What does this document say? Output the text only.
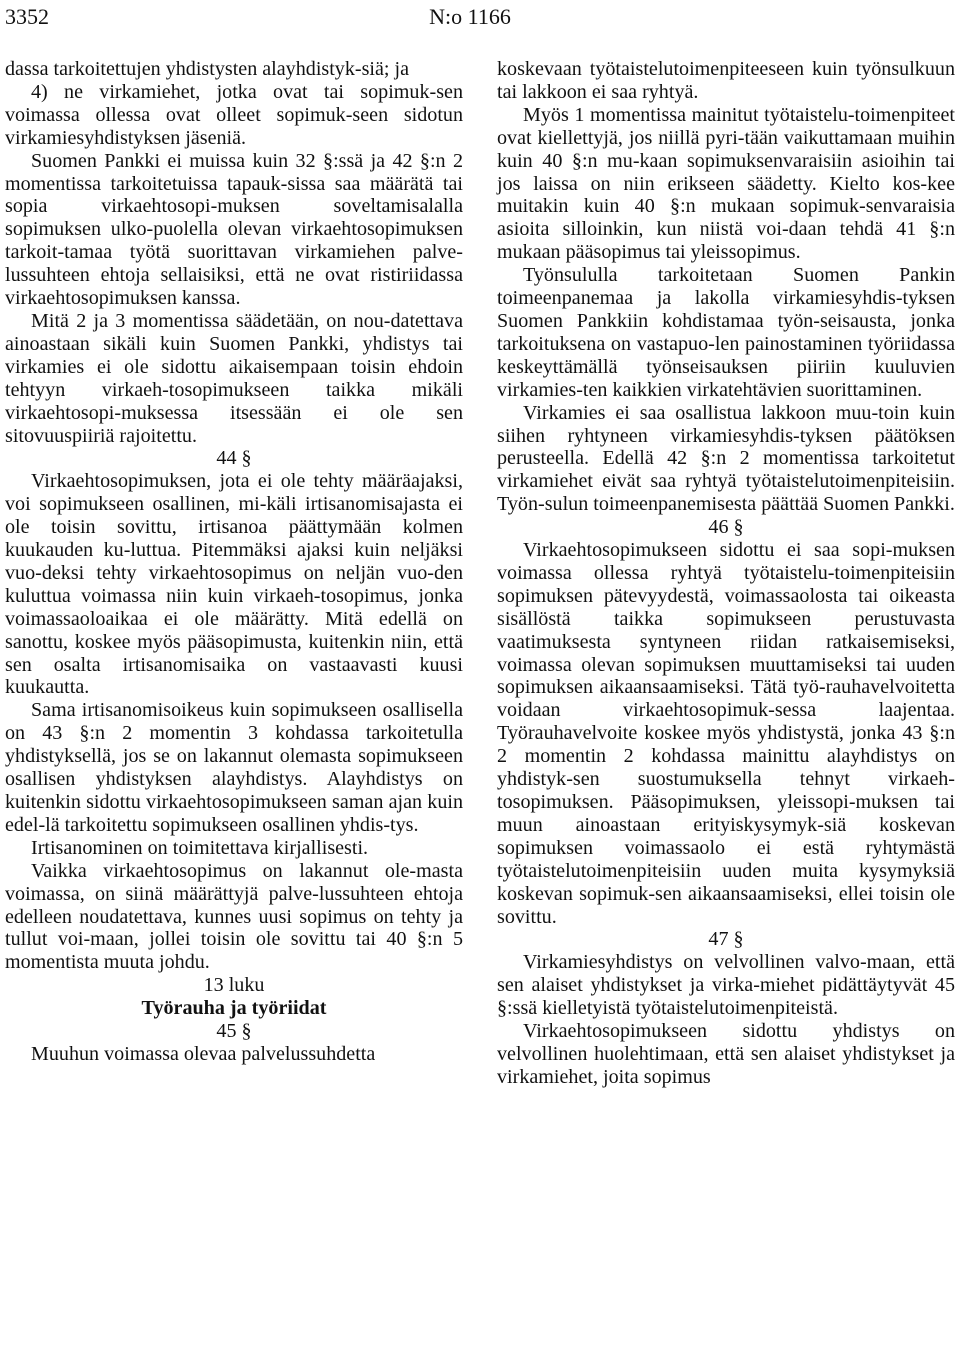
3352	N:o 1166

dassa tarkoitettujen yhdistysten alayhdistyk-siä; ja

4) ne virkamiehet, jotka ovat tai sopimuk-sen voimassa ollessa ovat olleet sopimuk-seen sidotun virkamiesyhdistyksen jäseniä.

Suomen Pankki ei muissa kuin 32 §:ssä ja 42 §:n 2 momentissa tarkoitetuissa tapauk-sissa saa määrätä tai sopia virkaehtosopi-muksen soveltamisalalla sopimuksen ulko-puolella olevan virkaehtosopimuksen tarkoit-tamaa työtä suorittavan virkamiehen palve-lussuhteen ehtoja sellaisiksi, että ne ovat ristiriidassa virkaehtosopimuksen kanssa.

Mitä 2 ja 3 momentissa säädetään, on nou-datettava ainoastaan sikäli kuin Suomen Pankki, yhdistys tai virkamies ei ole sidottu aikaisempaan toisin ehdoin tehtyyn virkaeh-tosopimukseen taikka mikäli virkaehtosopi-muksessa itsessään ei ole sen sitovuuspiiriä rajoitettu.

44 §

Virkaehtosopimuksen, jota ei ole tehty määräajaksi, voi sopimukseen osallinen, mi-käli irtisanomisajasta ei ole toisin sovittu, irtisanoa päättymään kolmen kuukauden ku-luttua. Pitemmäksi ajaksi kuin neljäksi vuo-deksi tehty virkaehtosopimus on neljän vuo-den kuluttua voimassa niin kuin virkaeh-tosopimus, jonka voimassaoloaikaa ei ole määrätty. Mitä edellä on sanottu, koskee myös pääsopimusta, kuitenkin niin, että sen osalta irtisanomisaika on vastaavasti kuusi kuukautta.

Sama irtisanomisoikeus kuin sopimukseen osallisella on 43 §:n 2 momentin 3 kohdassa tarkoitetulla yhdistyksellä, jos se on lakannut olemasta sopimukseen osallisen yhdistyksen alayhdistys. Alayhdistys on kuitenkin sidottu virkaehtosopimukseen saman ajan kuin edel-lä tarkoitettu sopimukseen osallinen yhdis-tys.

Irtisanominen on toimitettava kirjallisesti.

Vaikka virkaehtosopimus on lakannut ole-masta voimassa, on siinä määrättyjä palve-lussuhteen ehtoja edelleen noudatettava, kunnes uusi sopimus on tehty ja tullut voi-maan, jollei toisin ole sovittu tai 40 §:n 5 momentista muuta johdu.

13 luku

Työrauha ja työriidat

45 §

Muuhun voimassa olevaa palvelussuhdetta

koskevaan työtaistelutoimenpiteeseen kuin työnsulkuun tai lakkoon ei saa ryhtyä.

Myös 1 momentissa mainitut työtaistelu-toimenpiteet ovat kiellettyjä, jos niillä pyri-tään vaikuttamaan muihin kuin 40 §:n mu-kaan sopimuksenvaraisiin asioihin tai jos laissa on niin erikseen säädetty. Kielto kos-kee muitakin kuin 40 §:n mukaan sopimuk-senvaraisia asioita silloinkin, kun niistä voi-daan tehdä 41 §:n mukaan pääsopimus tai yleissopimus.

Työnsululla tarkoitetaan Suomen Pankin toimeenpanemaa ja lakolla virkamiesyhdis-tyksen Suomen Pankkiin kohdistamaa työn-seisausta, jonka tarkoituksena on vastapuo-len painostaminen työriidassa keskeyttämällä työnseisauksen piiriin kuuluvien virkamies-ten kaikkien virkatehtävien suorittaminen.

Virkamies ei saa osallistua lakkoon muu-toin kuin siihen ryhtyneen virkamiesyhdis-tyksen päätöksen perusteella. Edellä 42 §:n 2 momentissa tarkoitetut virkamiehet eivät saa ryhtyä työtaistelutoimenpiteisiin. Työn-sulun toimeenpanemisesta päättää Suomen Pankki.

46 §

Virkaehtosopimukseen sidottu ei saa sopi-muksen voimassa ollessa ryhtyä työtaistelu-toimenpiteisiin sopimuksen pätevyydestä, voimassaolosta tai oikeasta sisällöstä taikka sopimukseen perustuvasta vaatimuksesta syntyneen riidan ratkaisemiseksi, voimassa olevan sopimuksen muuttamiseksi tai uuden sopimuksen aikaansaamiseksi. Tätä työ-rauhavelvoitetta voidaan virkaehtosopimuk-sessa laajentaa. Työrauhavelvoite koskee myös yhdistystä, jonka 43 §:n 2 momentin 2 kohdassa mainittu alayhdistys on yhdistyk-sen suostumuksella tehnyt virkaeh-tosopimuksen. Pääsopimuksen, yleissopi-muksen tai muun ainoastaan erityiskysymyk-siä koskevan sopimuksen voimassaolo ei estä ryhtymästä työtaistelutoimenpiteisiin uuden muita kysymyksiä koskevan sopimuk-sen aikaansaamiseksi, ellei toisin ole sovittu.

47 §

Virkamiesyhdistys on velvollinen valvo-maan, että sen alaiset yhdistykset ja virka-miehet pidättäytyvät 45 §:ssä kielletyistä työtaistelutoimenpiteistä.

Virkaehtosopimukseen sidottu yhdistys on velvollinen huolehtimaan, että sen alaiset yhdistykset ja virkamiehet, joita sopimus
